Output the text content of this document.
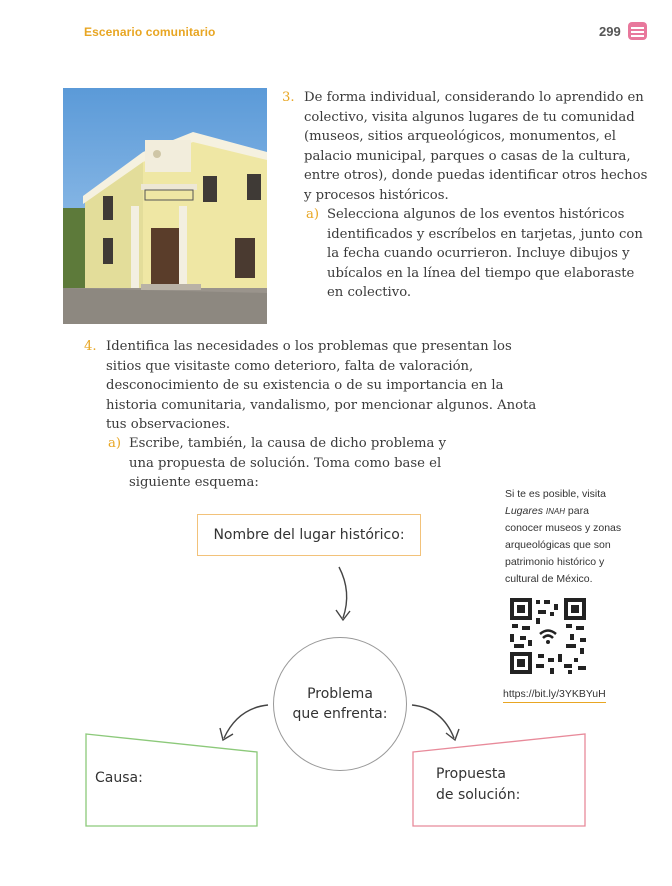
Escenario comunitario	299
3. De forma individual, considerando lo aprendido en colectivo, visita algunos lugares de tu comunidad (museos, sitios arqueológicos, monumentos, el palacio municipal, parques o casas de la cultura, entre otros), donde puedas identificar otros hechos y procesos históricos.
a) Selecciona algunos de los eventos históricos identificados y escríbelos en tarjetas, junto con la fecha cuando ocurrieron. Incluye dibujos y ubícalos en la línea del tiempo que elaboraste en colectivo.
4. Identifica las necesidades o los problemas que presentan los sitios que visitaste como deterioro, falta de valoración, desconocimiento de su existencia o de su importancia en la historia comunitaria, vandalismo, por mencionar algunos. Anota tus observaciones.
a) Escribe, también, la causa de dicho problema y una propuesta de solución. Toma como base el siguiente esquema:
Si te es posible, visita Lugares INAH para conocer museos y zonas arqueológicas que son patrimonio histórico y cultural de México.
https://bit.ly/3YKBYuH
Nombre del lugar histórico:
Problema
que enfrenta:
Causa:	Propuesta
de solución:
